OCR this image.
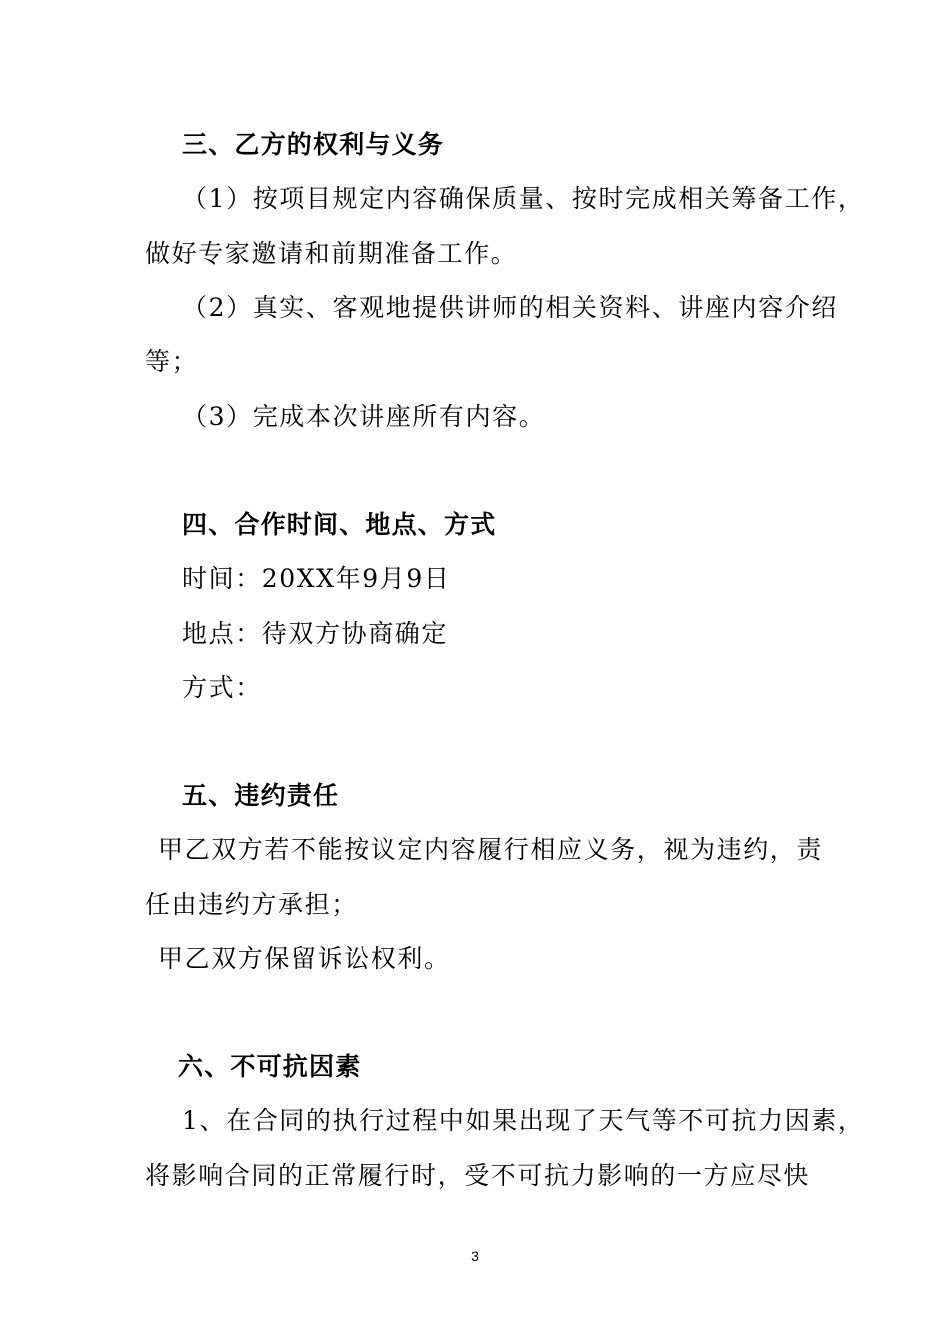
三、乙方的权利与义务

（1）按项目规定内容确保质量、按时完成相关筹备工作，

做好专家邀请和前期准备工作。

（2）真实、客观地提供讲师的相关资料、讲座内容介绍

等；

（3）完成本次讲座所有内容。

四、合作时间、地点、方式

时间：20XX年9月9日

地点：待双方协商确定

方式：

五、违约责任

甲乙双方若不能按议定内容履行相应义务，视为违约，责

任由违约方承担；

甲乙双方保留诉讼权利。

六、不可抗因素

1、在合同的执行过程中如果出现了天气等不可抗力因素，

将影响合同的正常履行时，受不可抗力影响的一方应尽快

3
